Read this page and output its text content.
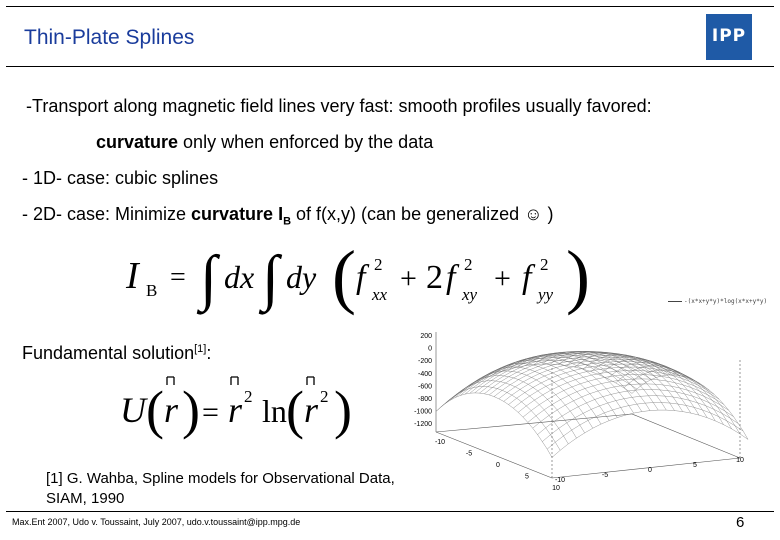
Thin-Plate Splines	IPP
-Transport along magnetic field lines very fast: smooth profiles usually favored:
curvature only when enforced by the data
- 1D- case: cubic splines
- 2D- case: Minimize curvature $I_B$ of f(x,y) (can be generalized ☺ )
I B = ∫ dx ∫ dy ( f 2
xx + 2 f 2
xy + f 2
yy )
Fundamental solution[1]:
U ( r ) = r 2 ln ( r 2 )
-(x*x+y*y)*log(x*x+y*y)
200
0
-200
-400
-600
-800
-1000
-1200
-10
-5
0
5
10
-10
-5
0
5
10
[1] G. Wahba, Spline models for Observational Data, SIAM, 1990
Max.Ent 2007, Udo v. Toussaint, July 2007, udo.v.toussaint@ipp.mpg.de	6
